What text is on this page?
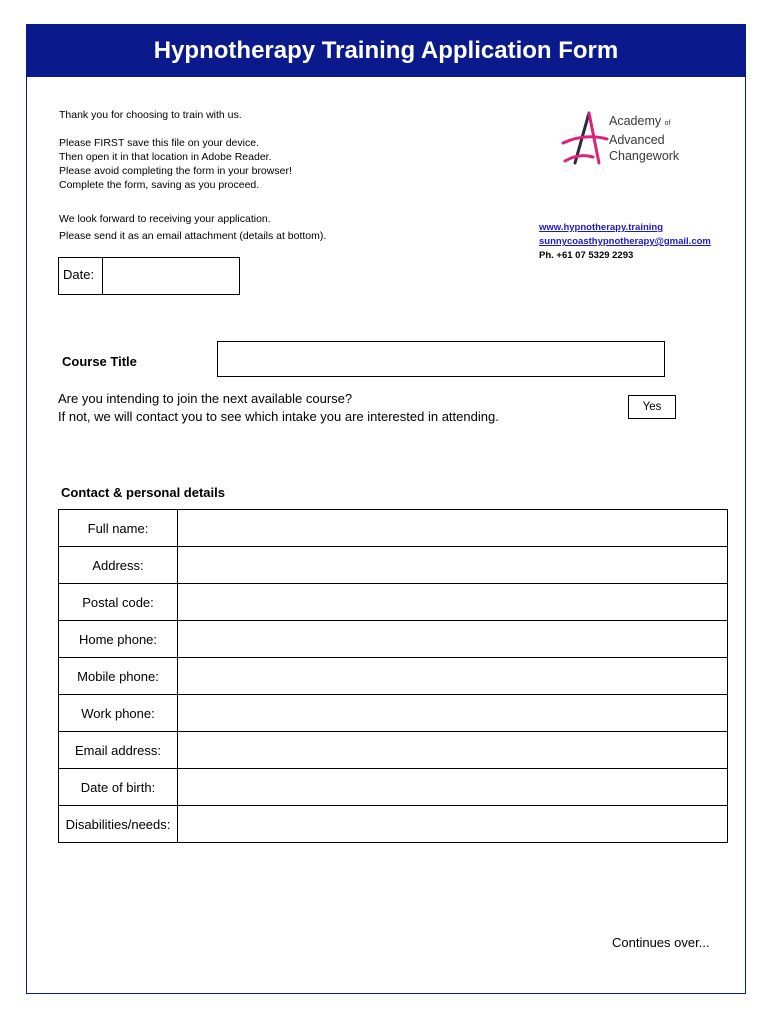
Hypnotherapy Training Application Form
Thank you for choosing to train with us.
Please FIRST save this file on your device.
Then open it in that location in Adobe Reader.
Please avoid completing the form in your browser!
Complete the form, saving as you proceed.
We look forward to receiving your application.
Please send it as an email attachment (details at bottom).
Academy of
Advanced
Changework
www.hypnotherapy.training
sunnycoasthypnotherapy@gmail.com
Ph. +61 07 5329 2293
Date:
Course Title
Are you intending to join the next available course?
If not, we will contact you to see which intake you are interested in attending.
Yes
Contact & personal details
Full name:	
Address:	
Postal code:	
Home phone:	
Mobile phone:	
Work phone:	
Email address:	
Date of birth:	
Disabilities/needs:	
Continues over...
